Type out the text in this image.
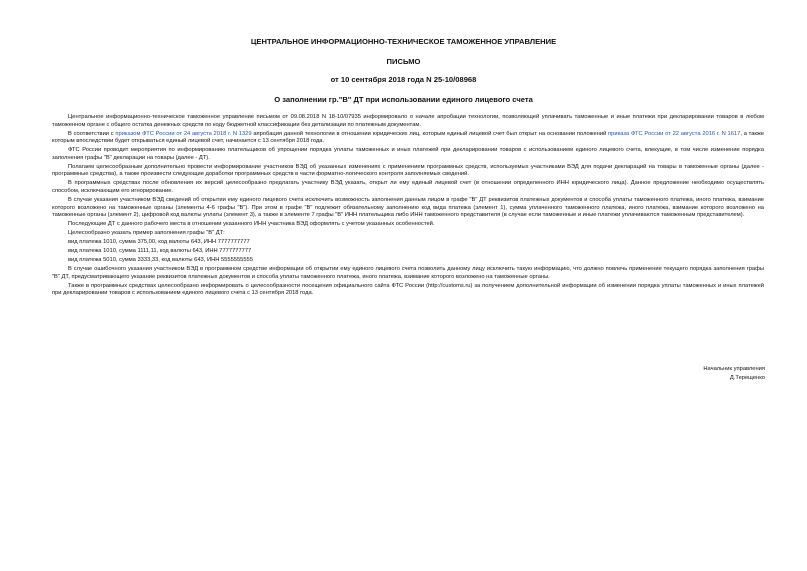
ЦЕНТРАЛЬНОЕ ИНФОРМАЦИОННО-ТЕХНИЧЕСКОЕ ТАМОЖЕННОЕ УПРАВЛЕНИЕ
ПИСЬМО
от 10 сентября 2018 года N 25-10/08968
О заполнении гр."В" ДТ при использовании единого лицевого счета

Центральное информационно-техническое таможенное управление письмом от 09.08.2018 N 18-10/07935 информировало о начале апробации технологии, позволяющей уплачивать таможенные и иные платежи при декларировании товаров в любом таможенном органе с общего остатка денежных средств по коду бюджетной классификации без детализации по платежным документам.

В соответствии с приказом ФТС России от 24 августа 2018 г. N 1329 апробация данной технологии в отношении юридических лиц, которым единый лицевой счет был открыт на основании положений приказа ФТС России от 22 августа 2016 г. N 1617, а также которым впоследствии будет открываться единый лицевой счет, начинается с 13 сентября 2018 года.

ФТС России проводит мероприятия по информированию плательщиков об упрощении порядка уплаты таможенных и иных платежей при декларировании товаров с использованием единого лицевого счета, влекущие, в том числе изменение порядка заполнения графы "В" декларации на товары (далее - ДТ).

Полагаем целесообразным дополнительно провести информирование участников ВЭД об указанных изменениях с применением программных средств, используемых участниками ВЭД для подачи деклараций на товары в таможенные органы (далее - программные средства), а также произвести следующие доработки программных средств в части форматно-логического контроля заполняемых сведений.

В программных средствах после обновления их версий целесообразно предлагать участнику ВЭД указать, открыт ли ему единый лицевой счет (в отношении определенного ИНН юридического лица). Данное предложение необходимо осуществлять способом, исключающим его игнорирование.

В случае указания участником ВЭД сведений об открытии ему единого лицевого счета исключить возможность заполнения данным лицом в графе "В" ДТ реквизитов платежных документов и способа уплаты таможенного платежа, иного платежа, взимание которого возложено на таможенные органы (элементы 4-6 графы "В"). При этом в графе "В" подлежит обязательному заполнению код вида платежа (элемент 1), сумма уплаченного таможенного платежа, иного платежа, взимание которого возложено на таможенные органы (элемент 2), цифровой код валюты уплаты (элемент 3), а также в элементе 7 графы "В" ИНН плательщика либо ИНН таможенного представителя (в случае если таможенные и иные платежи уплачиваются таможенным представителем).

Последующие ДТ с данного рабочего места в отношении указанного ИНН участника ВЭД оформлять с учетом указанных особенностей.

Целесообразно указать пример заполнения графы "В" ДТ:

вид платежа 1010, сумма 375,00, код валюты 643, ИНН 7777777777

вид платежа 1010, сумма 1111,11, код валюты 643, ИНН 7777777777

вид платежа 5010, сумма 3333,33, код валюты 643, ИНН 5555555555

В случае ошибочного указания участником ВЭД в программном средстве информации об открытии ему единого лицевого счета позволить данному лицу исключить такую информацию, что должно повлечь применение текущего порядка заполнения графы "В" ДТ, предусматривающего указание реквизитов платежных документов и способа уплаты таможенного платежа, иного платежа, взимание которого возложено на таможенные органы.

Также в программных средствах целесообразно информировать о целесообразности посещения официального сайта ФТС России (http://customs.ru) за получением дополнительной информации об изменении порядка уплаты таможенных и иных платежей при декларировании товаров с использованием единого лицевого счета с 13 сентября 2018 года.

Начальник управления
Д.Терещенко
